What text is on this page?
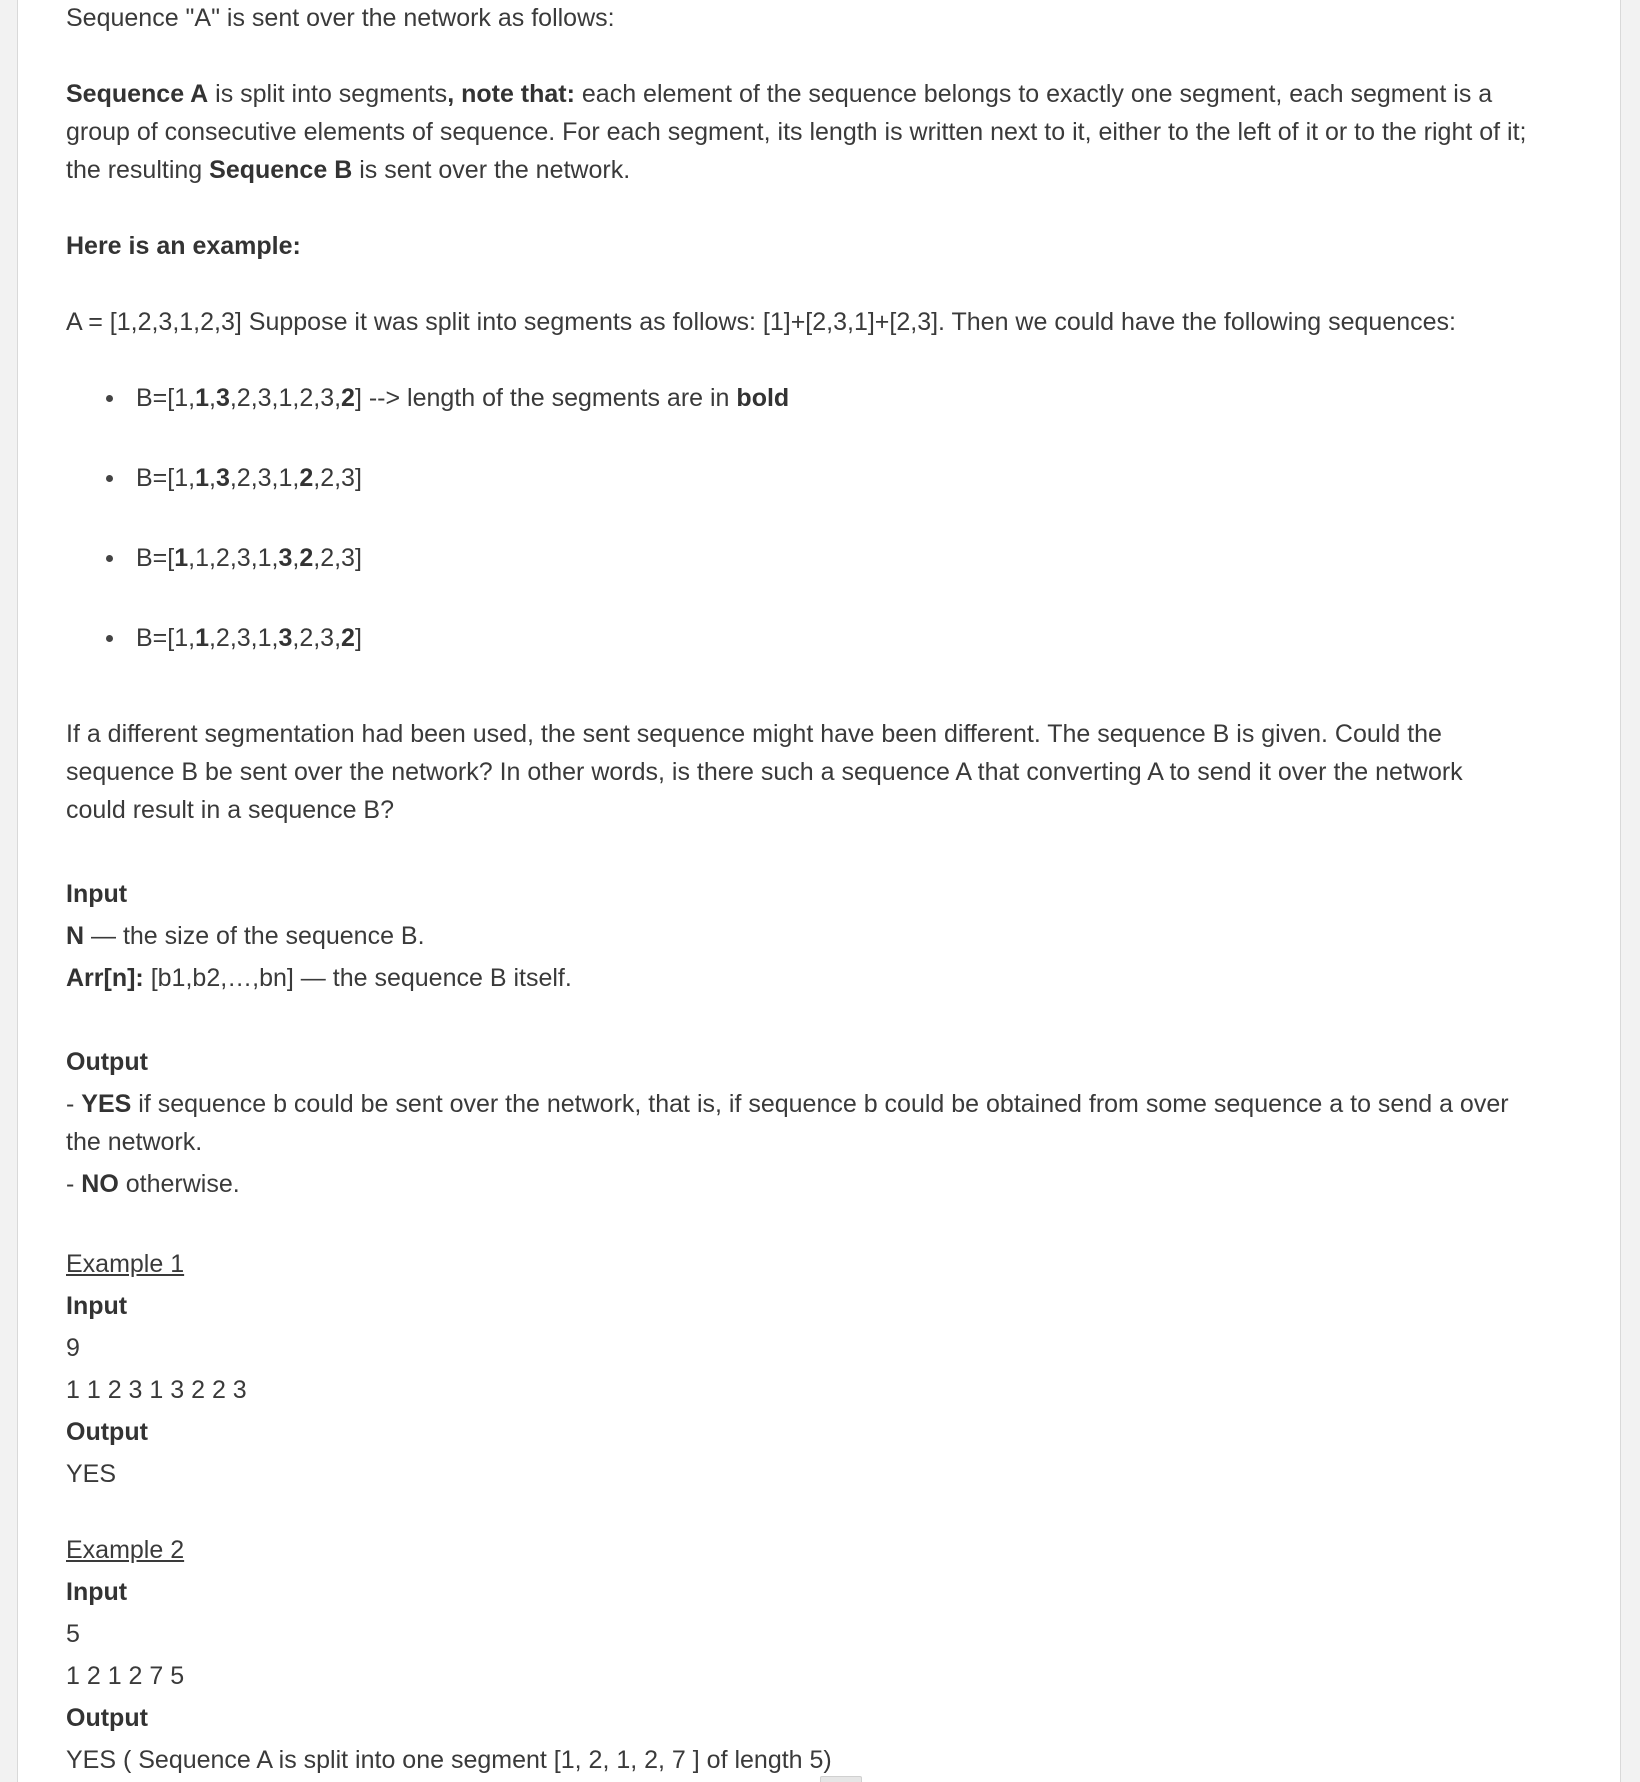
Sequence "A" is sent over the network as follows:
Sequence A is split into segments, note that: each element of the sequence belongs to exactly one segment, each segment is a
group of consecutive elements of sequence. For each segment, its length is written next to it, either to the left of it or to the right of it;
the resulting Sequence B is sent over the network.
Here is an example:
A = [1,2,3,1,2,3] Suppose it was split into segments as follows: [1]+[2,3,1]+[2,3]. Then we could have the following sequences:
B=[1,1,3,2,3,1,2,3,2] --> length of the segments are in bold
B=[1,1,3,2,3,1,2,2,3]
B=[1,1,2,3,1,3,2,2,3]
B=[1,1,2,3,1,3,2,3,2]
If a different segmentation had been used, the sent sequence might have been different. The sequence B is given. Could the
sequence B be sent over the network? In other words, is there such a sequence A that converting A to send it over the network
could result in a sequence B?
Input
N — the size of the sequence B.
Arr[n]: [b1,b2,…,bn] — the sequence B itself.
Output
- YES if sequence b could be sent over the network, that is, if sequence b could be obtained from some sequence a to send a over
the network.
- NO otherwise.
Example 1
Input
9
1 1 2 3 1 3 2 2 3
Output
YES
Example 2
Input
5
1 2 1 2 7 5
Output
YES ( Sequence A is split into one segment [1, 2, 1, 2, 7 ] of length 5)
